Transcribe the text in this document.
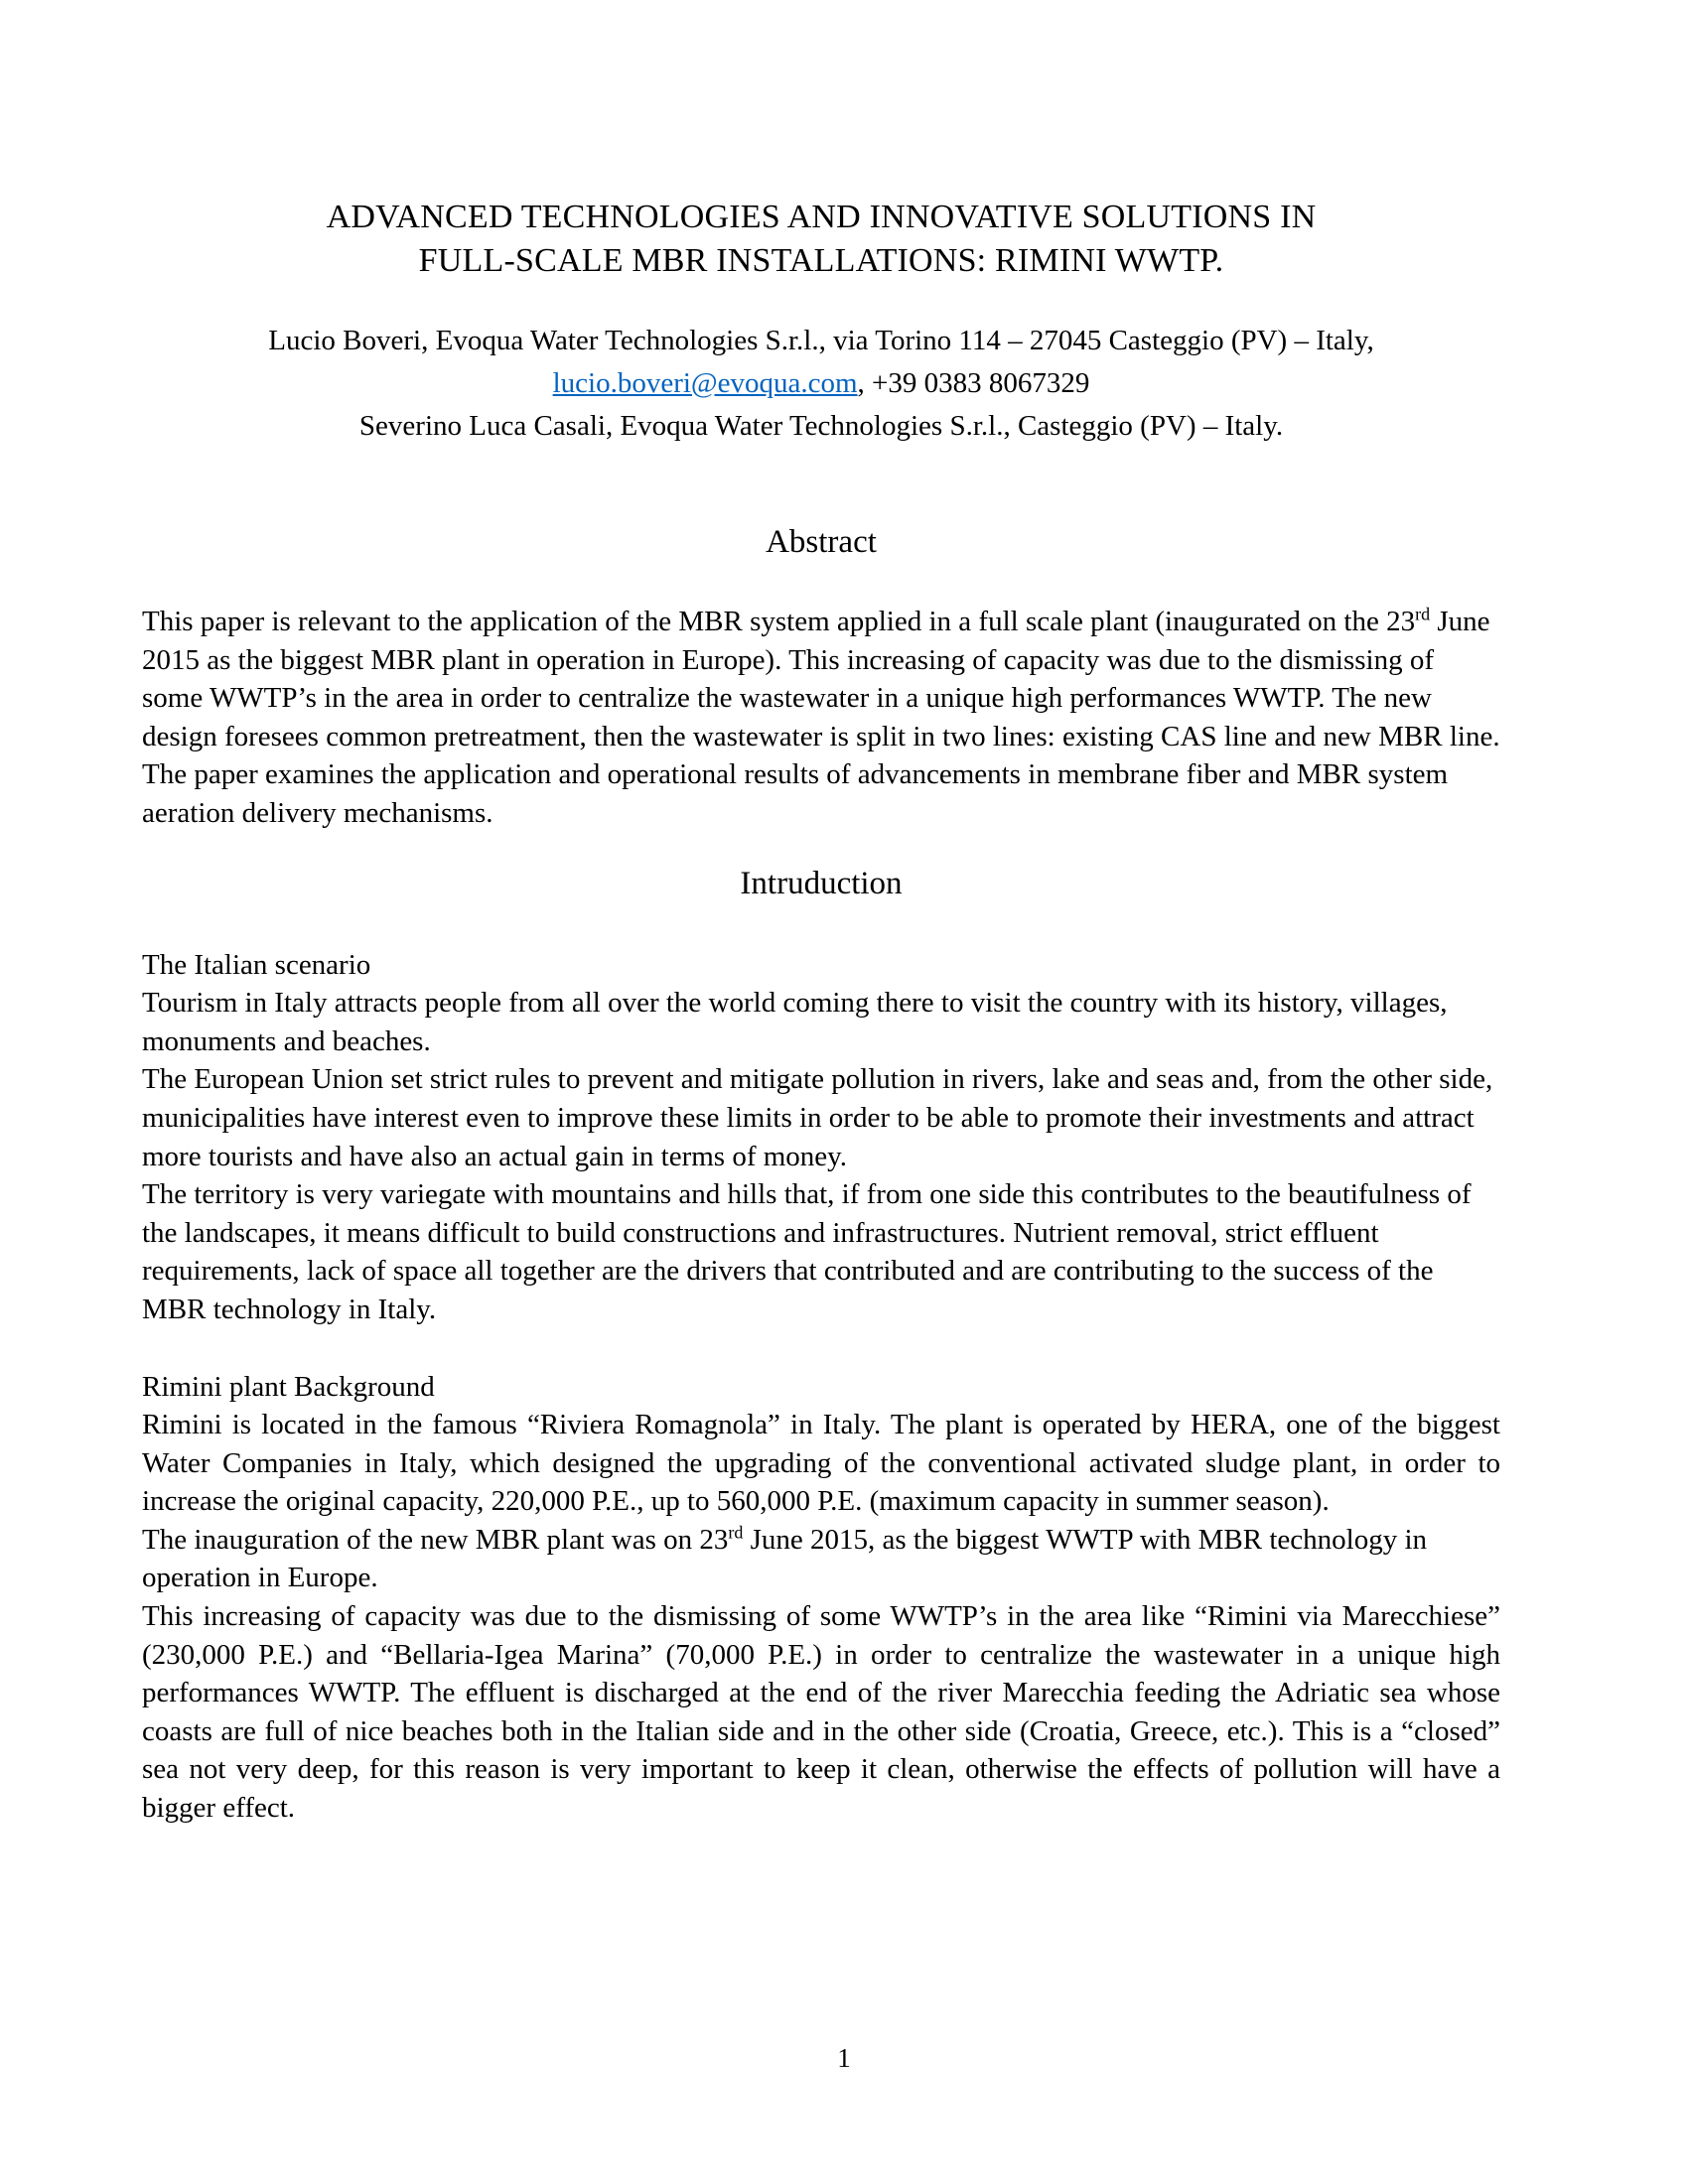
ADVANCED TECHNOLOGIES AND INNOVATIVE SOLUTIONS IN
FULL-SCALE MBR INSTALLATIONS: RIMINI WWTP.
Lucio Boveri, Evoqua Water Technologies S.r.l., via Torino 114 – 27045 Casteggio (PV) – Italy,
lucio.boveri@evoqua.com, +39 0383 8067329
Severino Luca Casali, Evoqua Water Technologies S.r.l., Casteggio (PV) – Italy.
Abstract

This paper is relevant to the application of the MBR system applied in a full scale plant (inaugurated on the 23rd June 2015 as the biggest MBR plant in operation in Europe). This increasing of capacity was due to the dismissing of some WWTP’s in the area in order to centralize the wastewater in a unique high performances WWTP. The new design foresees common pretreatment, then the wastewater is split in two lines: existing CAS line and new MBR line. The paper examines the application and operational results of advancements in membrane fiber and MBR system aeration delivery mechanisms.

Intruduction
The Italian scenario

Tourism in Italy attracts people from all over the world coming there to visit the country with its history, villages, monuments and beaches.

The European Union set strict rules to prevent and mitigate pollution in rivers, lake and seas and, from the other side, municipalities have interest even to improve these limits in order to be able to promote their investments and attract more tourists and have also an actual gain in terms of money.

The territory is very variegate with mountains and hills that, if from one side this contributes to the beautifulness of the landscapes, it means difficult to build constructions and infrastructures. Nutrient removal, strict effluent requirements, lack of space all together are the drivers that contributed and are contributing to the success of the MBR technology in Italy.

Rimini plant Background

Rimini is located in the famous “Riviera Romagnola” in Italy. The plant is operated by HERA, one of the biggest Water Companies in Italy, which designed the upgrading of the conventional activated sludge plant, in order to increase the original capacity, 220,000 P.E., up to 560,000 P.E. (maximum capacity in summer season).

The inauguration of the new MBR plant was on 23rd June 2015, as the biggest WWTP with MBR technology in operation in Europe.

This increasing of capacity was due to the dismissing of some WWTP’s in the area like “Rimini via Marecchiese” (230,000 P.E.) and “Bellaria-Igea Marina” (70,000 P.E.) in order to centralize the wastewater in a unique high performances WWTP. The effluent is discharged at the end of the river Marecchia feeding the Adriatic sea whose coasts are full of nice beaches both in the Italian side and in the other side (Croatia, Greece, etc.). This is a “closed” sea not very deep, for this reason is very important to keep it clean, otherwise the effects of pollution will have a bigger effect.

1
